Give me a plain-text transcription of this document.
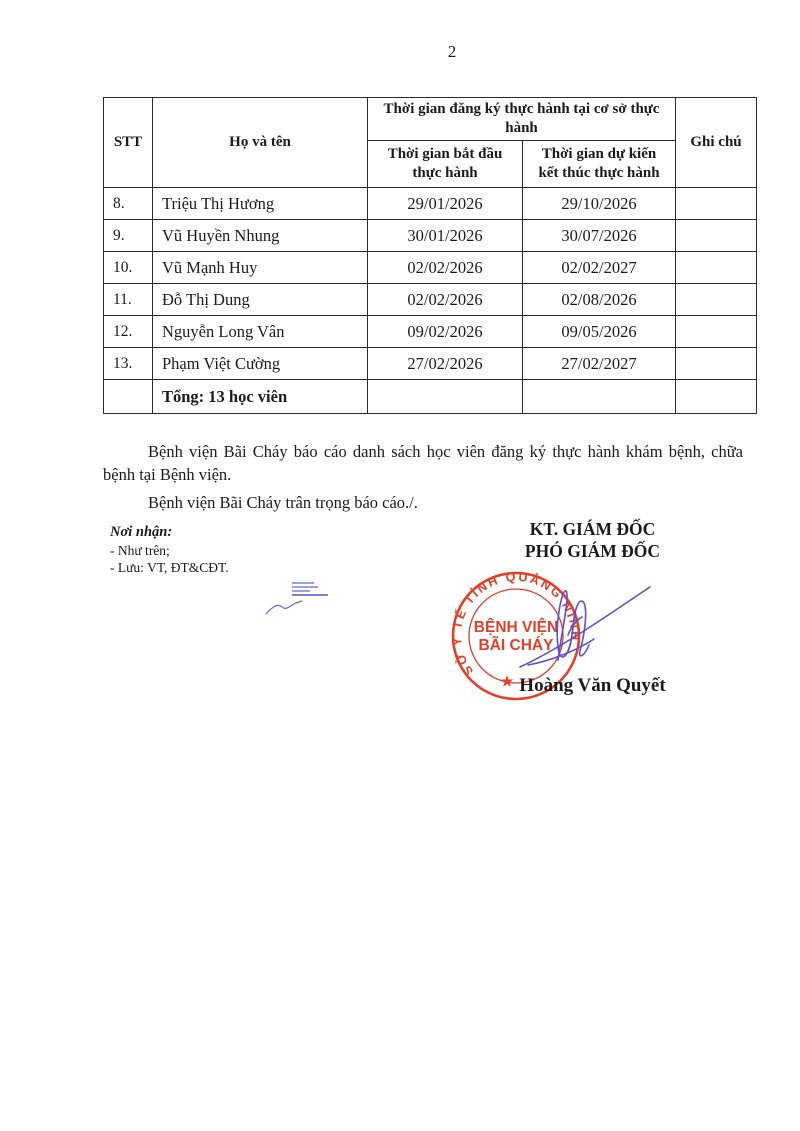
2
STT	Họ và tên	Thời gian đăng ký thực hành tại cơ sở thực hành		Ghi chú
		Thời gian bắt đầu thực hành	Thời gian dự kiến kết thúc thực hành	
8.	Triệu Thị Hương	29/01/2026	29/10/2026	
9.	Vũ Huyền Nhung	30/01/2026	30/07/2026	
10.	Vũ Mạnh Huy	02/02/2026	02/02/2027	
11.	Đỗ Thị Dung	02/02/2026	02/08/2026	
12.	Nguyễn Long Vân	09/02/2026	09/05/2026	
13.	Phạm Việt Cường	27/02/2026	27/02/2027	
	Tổng: 13 học viên			

Bệnh viện Bãi Cháy báo cáo danh sách học viên đăng ký thực hành khám bệnh, chữa bệnh tại Bệnh viện.

Bệnh viện Bãi Cháy trân trọng báo cáo./.

Nơi nhận:
- Như trên;
- Lưu: VT, ĐT&CĐT.
KT. GIÁM ĐỐC
PHÓ GIÁM ĐỐC
SỞ Y TẾ TỈNH QUẢNG NINH
BỆNH VIỆN
BÃI CHÁY
★ Hoàng Văn Quyết
